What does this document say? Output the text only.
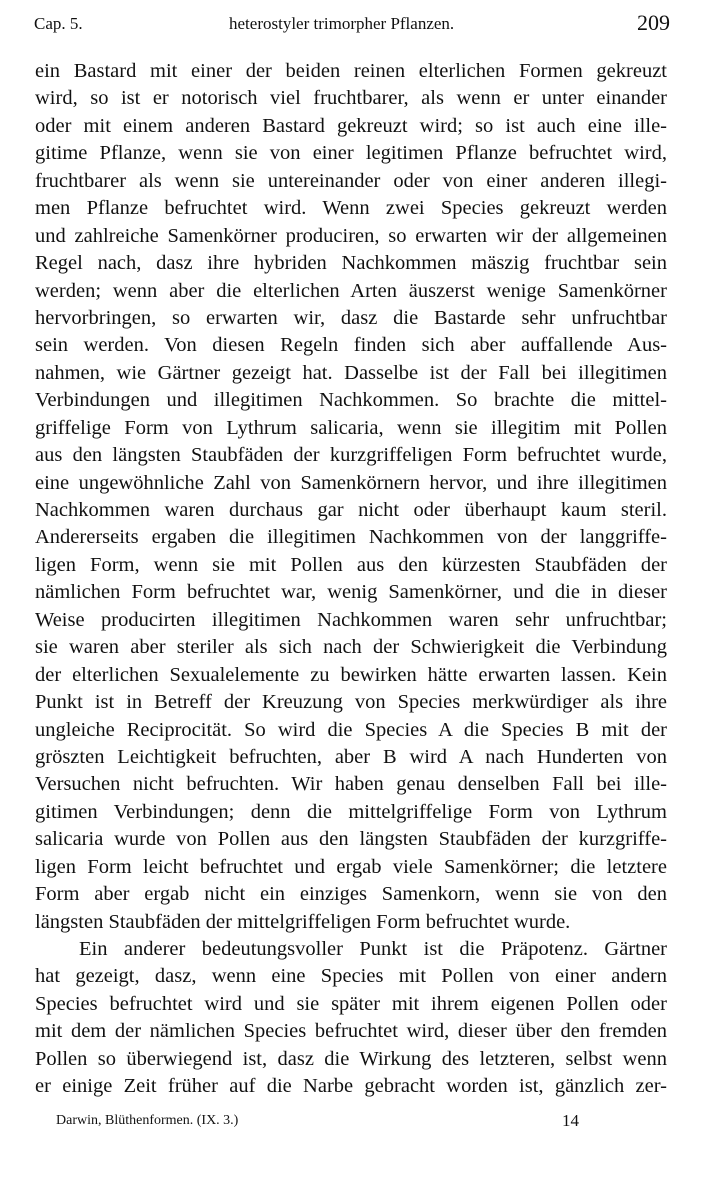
Cap. 5.	heterostyler trimorpher Pflanzen.	209
ein Bastard mit einer der beiden reinen elterlichen Formen gekreuzt
wird, so ist er notorisch viel fruchtbarer, als wenn er unter einander
oder mit einem anderen Bastard gekreuzt wird; so ist auch eine ille-
gitime Pflanze, wenn sie von einer legitimen Pflanze befruchtet wird,
fruchtbarer als wenn sie untereinander oder von einer anderen illegi-
men Pflanze befruchtet wird. Wenn zwei Species gekreuzt werden
und zahlreiche Samenkörner produciren, so erwarten wir der allgemeinen
Regel nach, dasz ihre hybriden Nachkommen mäszig fruchtbar sein
werden; wenn aber die elterlichen Arten äuszerst wenige Samenkörner
hervorbringen, so erwarten wir, dasz die Bastarde sehr unfruchtbar
sein werden. Von diesen Regeln finden sich aber auffallende Aus-
nahmen, wie Gärtner gezeigt hat. Dasselbe ist der Fall bei illegitimen
Verbindungen und illegitimen Nachkommen. So brachte die mittel-
griffelige Form von Lythrum salicaria, wenn sie illegitim mit Pollen
aus den längsten Staubfäden der kurzgriffeligen Form befruchtet wurde,
eine ungewöhnliche Zahl von Samenkörnern hervor, und ihre illegitimen
Nachkommen waren durchaus gar nicht oder überhaupt kaum steril.
Andererseits ergaben die illegitimen Nachkommen von der langgriffe-
ligen Form, wenn sie mit Pollen aus den kürzesten Staubfäden der
nämlichen Form befruchtet war, wenig Samenkörner, und die in dieser
Weise producirten illegitimen Nachkommen waren sehr unfruchtbar;
sie waren aber steriler als sich nach der Schwierigkeit die Verbindung
der elterlichen Sexualelemente zu bewirken hätte erwarten lassen. Kein
Punkt ist in Betreff der Kreuzung von Species merkwürdiger als ihre
ungleiche Reciprocität. So wird die Species A die Species B mit der
gröszten Leichtigkeit befruchten, aber B wird A nach Hunderten von
Versuchen nicht befruchten. Wir haben genau denselben Fall bei ille-
gitimen Verbindungen; denn die mittelgriffelige Form von Lythrum
salicaria wurde von Pollen aus den längsten Staubfäden der kurzgriffe-
ligen Form leicht befruchtet und ergab viele Samenkörner; die letztere
Form aber ergab nicht ein einziges Samenkorn, wenn sie von den
längsten Staubfäden der mittelgriffeligen Form befruchtet wurde.
Ein anderer bedeutungsvoller Punkt ist die Präpotenz. Gärtner
hat gezeigt, dasz, wenn eine Species mit Pollen von einer andern
Species befruchtet wird und sie später mit ihrem eigenen Pollen oder
mit dem der nämlichen Species befruchtet wird, dieser über den fremden
Pollen so überwiegend ist, dasz die Wirkung des letzteren, selbst wenn
er einige Zeit früher auf die Narbe gebracht worden ist, gänzlich zer-
Darwin, Blüthenformen. (IX. 3.)	14
